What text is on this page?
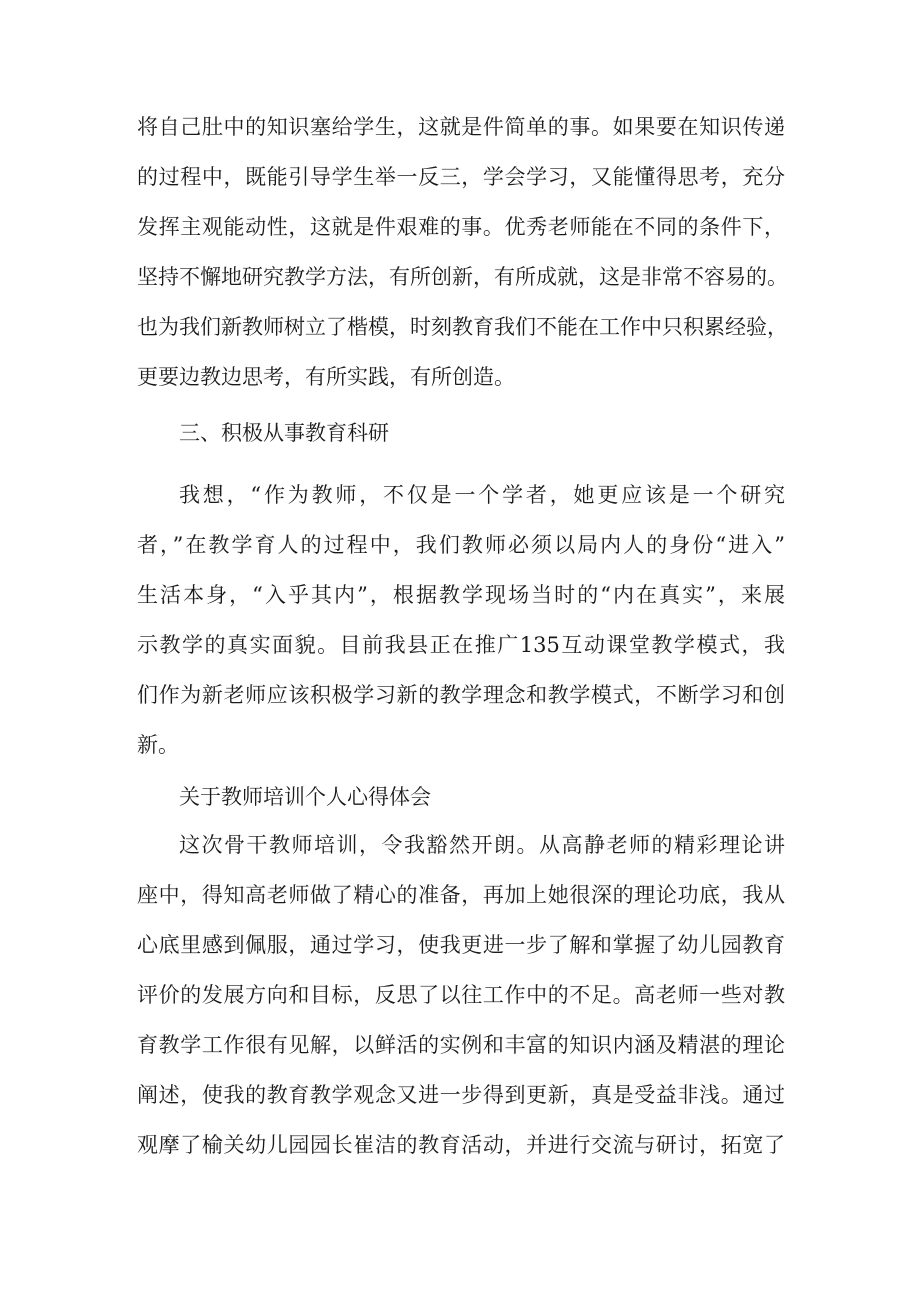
将自己肚中的知识塞给学生，这就是件简单的事。如果要在知识传递
的过程中，既能引导学生举一反三，学会学习，又能懂得思考，充分
发挥主观能动性，这就是件艰难的事。优秀老师能在不同的条件下，
坚持不懈地研究教学方法，有所创新，有所成就，这是非常不容易的。
也为我们新教师树立了楷模，时刻教育我们不能在工作中只积累经验，
更要边教边思考，有所实践，有所创造。
三、积极从事教育科研
我想，“作为教师，不仅是一个学者，她更应该是一个研究
者，”在教学育人的过程中，我们教师必须以局内人的身份“进入”
生活本身，“入乎其内”，根据教学现场当时的“内在真实”，来展
示教学的真实面貌。目前我县正在推广135互动课堂教学模式，我
们作为新老师应该积极学习新的教学理念和教学模式，不断学习和创
新。
关于教师培训个人心得体会
这次骨干教师培训，令我豁然开朗。从高静老师的精彩理论讲
座中，得知高老师做了精心的准备，再加上她很深的理论功底，我从
心底里感到佩服，通过学习，使我更进一步了解和掌握了幼儿园教育
评价的发展方向和目标，反思了以往工作中的不足。高老师一些对教
育教学工作很有见解，以鲜活的实例和丰富的知识内涵及精湛的理论
阐述，使我的教育教学观念又进一步得到更新，真是受益非浅。通过
观摩了榆关幼儿园园长崔洁的教育活动，并进行交流与研讨，拓宽了
